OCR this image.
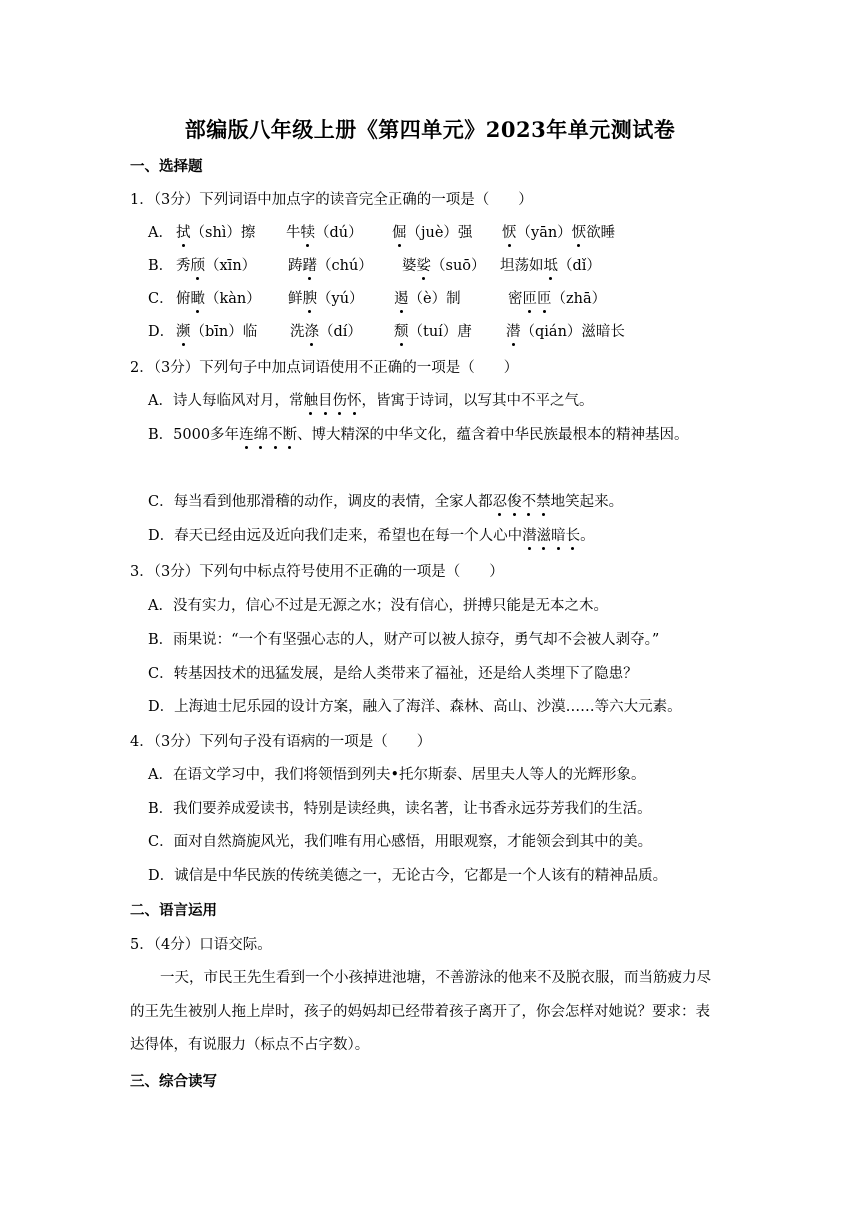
部编版八年级上册《第四单元》2023年单元测试卷
一、选择题
1．（3分）下列词语中加点字的读音完全正确的一项是（　　）
A． 拭（shì）擦 牛犊（dú） 倔（juè）强 恹（yān）恹欲睡
B． 秀颀（xīn） 踌躇（chú） 婆娑（suō） 坦荡如坻（dǐ）
C． 俯瞰（kàn） 鲜腴（yú） 遏（è）制	密匝匝（zhā）
D． 濒（bīn）临 洗涤（dí） 颓（tuí）唐 潜（qián）滋暗长
2．（3分）下列句子中加点词语使用不正确的一项是（　　）
A．诗人每临风对月，常触目伤怀，皆寓于诗词，以写其中不平之气。
B．5000多年连绵不断、博大精深的中华文化，蕴含着中华民族最根本的精神基因。
C．每当看到他那滑稽的动作，调皮的表情，全家人都忍俊不禁地笑起来。
D．春天已经由远及近向我们走来，希望也在每一个人心中潜滋暗长。
3．（3分）下列句中标点符号使用不正确的一项是（　　）
A．没有实力，信心不过是无源之水；没有信心，拼搏只能是无本之木。
B．雨果说：“一个有坚强心志的人，财产可以被人掠夺，勇气却不会被人剥夺。”
C．转基因技术的迅猛发展，是给人类带来了福祉，还是给人类埋下了隐患？
D．上海迪士尼乐园的设计方案，融入了海洋、森林、高山、沙漠……等六大元素。
4．（3分）下列句子没有语病的一项是（　　）
A．在语文学习中，我们将领悟到列夫•托尔斯泰、居里夫人等人的光辉形象。
B．我们要养成爱读书，特别是读经典，读名著，让书香永远芬芳我们的生活。
C．面对自然旖旎风光，我们唯有用心感悟，用眼观察，才能领会到其中的美。
D．诚信是中华民族的传统美德之一，无论古今，它都是一个人该有的精神品质。
二、语言运用
5．（4分）口语交际。
一天，市民王先生看到一个小孩掉进池塘，不善游泳的他来不及脱衣服，而当筋疲力尽
的王先生被别人拖上岸时，孩子的妈妈却已经带着孩子离开了，你会怎样对她说？要求：表
达得体，有说服力（标点不占字数）。
三、综合读写
